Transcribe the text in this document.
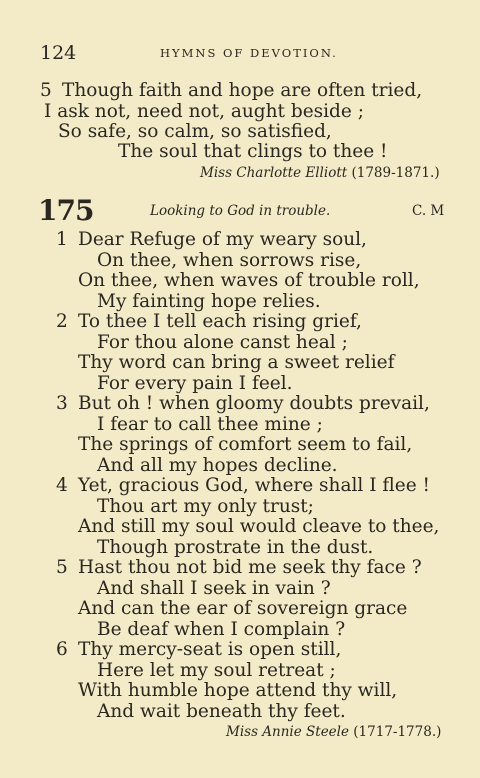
124	HYMNS OF DEVOTION.
5 Though faith and hope are often tried,
I ask not, need not, aught beside ;
So safe, so calm, so satisfied,
The soul that clings to thee !
Miss Charlotte Elliott (1789-1871.)
175	Looking to God in trouble.	C. M
1 Dear Refuge of my weary soul,
On thee, when sorrows rise,
On thee, when waves of trouble roll,
My fainting hope relies.
2 To thee I tell each rising grief,
For thou alone canst heal ;
Thy word can bring a sweet relief
For every pain I feel.
3 But oh ! when gloomy doubts prevail,
I fear to call thee mine ;
The springs of comfort seem to fail,
And all my hopes decline.
4 Yet, gracious God, where shall I flee !
Thou art my only trust;
And still my soul would cleave to thee,
Though prostrate in the dust.
5 Hast thou not bid me seek thy face ?
And shall I seek in vain ?
And can the ear of sovereign grace
Be deaf when I complain ?
6 Thy mercy-seat is open still,
Here let my soul retreat ;
With humble hope attend thy will,
And wait beneath thy feet.
Miss Annie Steele (1717-1778.)
